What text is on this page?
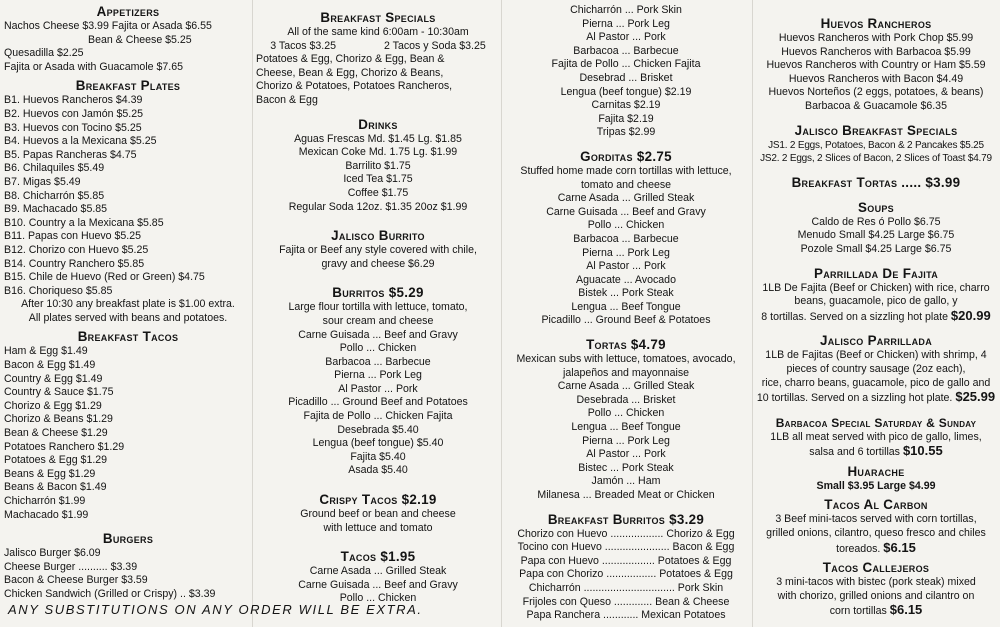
Appetizers
Nachos Cheese $3.99 Fajita or Asada $6.55
Bean & Cheese $5.25
Quesadilla $2.25
Fajita or Asada with Guacamole $7.65
Breakfast Plates
B1. Huevos Rancheros $4.39
B2. Huevos con Jamón $5.25
B3. Huevos con Tocino $5.25
B4. Huevos a la Mexicana $5.25
B5. Papas Rancheras $4.75
B6. Chilaquiles $5.49
B7. Migas $5.49
B8. Chicharrón $5.85
B9. Machacado $5.85
B10. Country a la Mexicana $5.85
B11. Papas con Huevo $5.25
B12. Chorizo con Huevo $5.25
B14. Country Ranchero $5.85
B15. Chile de Huevo (Red or Green) $4.75
B16. Choriqueso $5.85
After 10:30 any breakfast plate is $1.00 extra.
All plates served with beans and potatoes.
Breakfast Tacos
Ham & Egg $1.49
Bacon & Egg $1.49
Country & Egg $1.49
Country & Sauce $1.75
Chorizo & Egg $1.29
Chorizo & Beans $1.29
Bean & Cheese $1.29
Potatoes Ranchero $1.29
Potatoes & Egg $1.29
Beans & Egg $1.29
Beans & Bacon $1.49
Chicharrón $1.99
Machacado $1.99
Burgers
Jalisco Burger $6.09
Cheese Burger .......... $3.39
Bacon & Cheese Burger $3.59
Chicken Sandwich (Grilled or Crispy) .. $3.39
Breakfast Specials
All of the same kind 6:00am - 10:30am
3 Tacos $3.25	2 Tacos y Soda $3.25
Potatoes & Egg, Chorizo & Egg, Bean &
Cheese, Bean & Egg, Chorizo & Beans,
Chorizo & Potatoes, Potatoes Rancheros,
Bacon & Egg
Drinks
Aguas Frescas Md. $1.45 Lg. $1.85
Mexican Coke Md. 1.75 Lg. $1.99
Barrilito $1.75
Iced Tea $1.75
Coffee $1.75
Regular Soda 12oz. $1.35 20oz $1.99
Jalisco Burrito
Fajita or Beef any style covered with chile,
gravy and cheese $6.29
Burritos $5.29
Large flour tortilla with lettuce, tomato,
sour cream and cheese
Carne Guisada ... Beef and Gravy
Pollo ... Chicken
Barbacoa ... Barbecue
Pierna ... Pork Leg
Al Pastor ... Pork
Picadillo ... Ground Beef and Potatoes
Fajita de Pollo ... Chicken Fajita
Desebrada $5.40
Lengua (beef tongue) $5.40
Fajita $5.40
Asada $5.40
Crispy Tacos $2.19
Ground beef or bean and cheese
with lettuce and tomato
Tacos $1.95
Carne Asada ... Grilled Steak
Carne Guisada ... Beef and Gravy
Pollo ... Chicken
Chicharrón ... Pork Skin
Pierna ... Pork Leg
Al Pastor ... Pork
Barbacoa ... Barbecue
Fajita de Pollo ... Chicken Fajita
Desebrad ... Brisket
Lengua (beef tongue) $2.19
Carnitas $2.19
Fajita $2.19
Tripas $2.99
Gorditas $2.75
Stuffed home made corn tortillas with lettuce,
tomato and cheese
Carne Asada ... Grilled Steak
Carne Guisada ... Beef and Gravy
Pollo ... Chicken
Barbacoa ... Barbecue
Pierna ... Pork Leg
Al Pastor ... Pork
Aguacate ... Avocado
Bistek ... Pork Steak
Lengua ... Beef Tongue
Picadillo ... Ground Beef & Potatoes
Tortas $4.79
Mexican subs with lettuce, tomatoes, avocado,
jalapeños and mayonnaise
Carne Asada ... Grilled Steak
Desebrada ... Brisket
Pollo ... Chicken
Lengua ... Beef Tongue
Pierna ... Pork Leg
Al Pastor ... Pork
Bistec ... Pork Steak
Jamón ... Ham
Milanesa ... Breaded Meat or Chicken
Breakfast Burritos $3.29
Chorizo con Huevo .................. Chorizo & Egg
Tocino con Huevo ...................... Bacon & Egg
Papa con Huevo .................. Potatoes & Egg
Papa con Chorizo ................. Potatoes & Egg
Chicharrón ............................... Pork Skin
Frijoles con Queso ............. Bean & Cheese
Papa Ranchera ............ Mexican Potatoes
Huevos Rancheros
Huevos Rancheros with Pork Chop $5.99
Huevos Rancheros with Barbacoa $5.99
Huevos Rancheros with Country or Ham $5.59
Huevos Rancheros with Bacon $4.49
Huevos Norteños (2 eggs, potatoes, & beans)
Barbacoa & Guacamole $6.35
Jalisco Breakfast Specials
JS1. 2 Eggs, Potatoes, Bacon & 2 Pancakes $5.25
JS2. 2 Eggs, 2 Slices of Bacon, 2 Slices of Toast $4.79
Breakfast Tortas ..... $3.99
Soups
Caldo de Res ó Pollo $6.75
Menudo Small $4.25 Large $6.75
Pozole Small $4.25 Large $6.75
Parrillada De Fajita
1LB De Fajita (Beef or Chicken) with rice, charro
beans, guacamole, pico de gallo, y
8 tortillas. Served on a sizzling hot plate $20.99
Jalisco Parrillada
1LB de Fajitas (Beef or Chicken) with shrimp, 4
pieces of country sausage (2oz each),
rice, charro beans, guacamole, pico de gallo and
10 tortillas. Served on a sizzling hot plate. $25.99
Barbacoa Special Saturday & Sunday
1LB all meat served with pico de gallo, limes,
salsa and 6 tortillas $10.55
Huarache
Small $3.95 Large $4.99
Tacos Al Carbon
3 Beef mini-tacos served with corn tortillas,
grilled onions, cilantro, queso fresco and chiles
toreados. $6.15
Tacos Callejeros
3 mini-tacos with bistec (pork steak) mixed
with chorizo, grilled onions and cilantro on
corn tortillas $6.15
ANY SUBSTITUTIONS ON ANY ORDER WILL BE EXTRA.
